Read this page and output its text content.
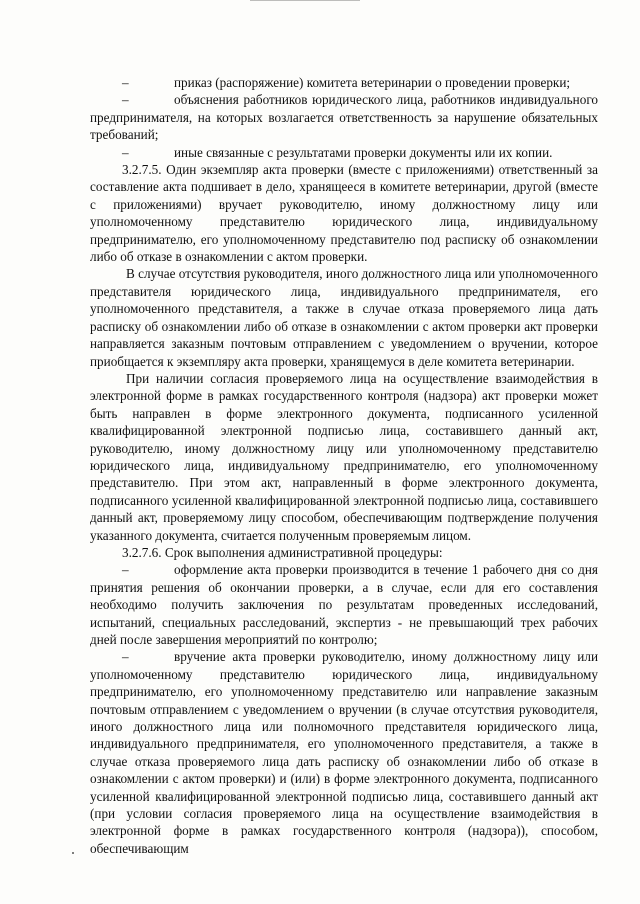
–	приказ (распоряжение) комитета ветеринарии о проведении проверки;

–	объяснения работников юридического лица, работников индивидуального предпринимателя, на которых возлагается ответственность за нарушение обязательных требований;

–	иные связанные с результатами проверки документы или их копии.

3.2.7.5. Один экземпляр акта проверки (вместе с приложениями) ответственный за составление акта подшивает в дело, хранящееся в комитете ветеринарии, другой (вместе с приложениями) вручает руководителю, иному должностному лицу или уполномоченному представителю юридического лица, индивидуальному предпринимателю, его уполномоченному представителю под расписку об ознакомлении либо об отказе в ознакомлении с актом проверки.

В случае отсутствия руководителя, иного должностного лица или уполномоченного представителя юридического лица, индивидуального предпринимателя, его уполномоченного представителя, а также в случае отказа проверяемого лица дать расписку об ознакомлении либо об отказе в ознакомлении с актом проверки акт проверки направляется заказным почтовым отправлением с уведомлением о вручении, которое приобщается к экземпляру акта проверки, хранящемуся в деле комитета ветеринарии.

При наличии согласия проверяемого лица на осуществление взаимодействия в электронной форме в рамках государственного контроля (надзора) акт проверки может быть направлен в форме электронного документа, подписанного усиленной квалифицированной электронной подписью лица, составившего данный акт, руководителю, иному должностному лицу или уполномоченному представителю юридического лица, индивидуальному предпринимателю, его уполномоченному представителю. При этом акт, направленный в форме электронного документа, подписанного усиленной квалифицированной электронной подписью лица, составившего данный акт, проверяемому лицу способом, обеспечивающим подтверждение получения указанного документа, считается полученным проверяемым лицом.

3.2.7.6. Срок выполнения административной процедуры:

–	оформление акта проверки производится в течение 1 рабочего дня со дня принятия решения об окончании проверки, а в случае, если для его составления необходимо получить заключения по результатам проведенных исследований, испытаний, специальных расследований, экспертиз - не превышающий трех рабочих дней после завершения мероприятий по контролю;

–	вручение акта проверки руководителю, иному должностному лицу или уполномоченному представителю юридического лица, индивидуальному предпринимателю, его уполномоченному представителю или направление заказным почтовым отправлением с уведомлением о вручении (в случае отсутствия руководителя, иного должностного лица или полномочного представителя юридического лица, индивидуального предпринимателя, его уполномоченного представителя, а также в случае отказа проверяемого лица дать расписку об ознакомлении либо об отказе в ознакомлении с актом проверки) и (или) в форме электронного документа, подписанного усиленной квалифицированной электронной подписью лица, составившего данный акт (при условии согласия проверяемого лица на осуществление взаимодействия в электронной форме в рамках государственного контроля (надзора)), способом, обеспечивающим
